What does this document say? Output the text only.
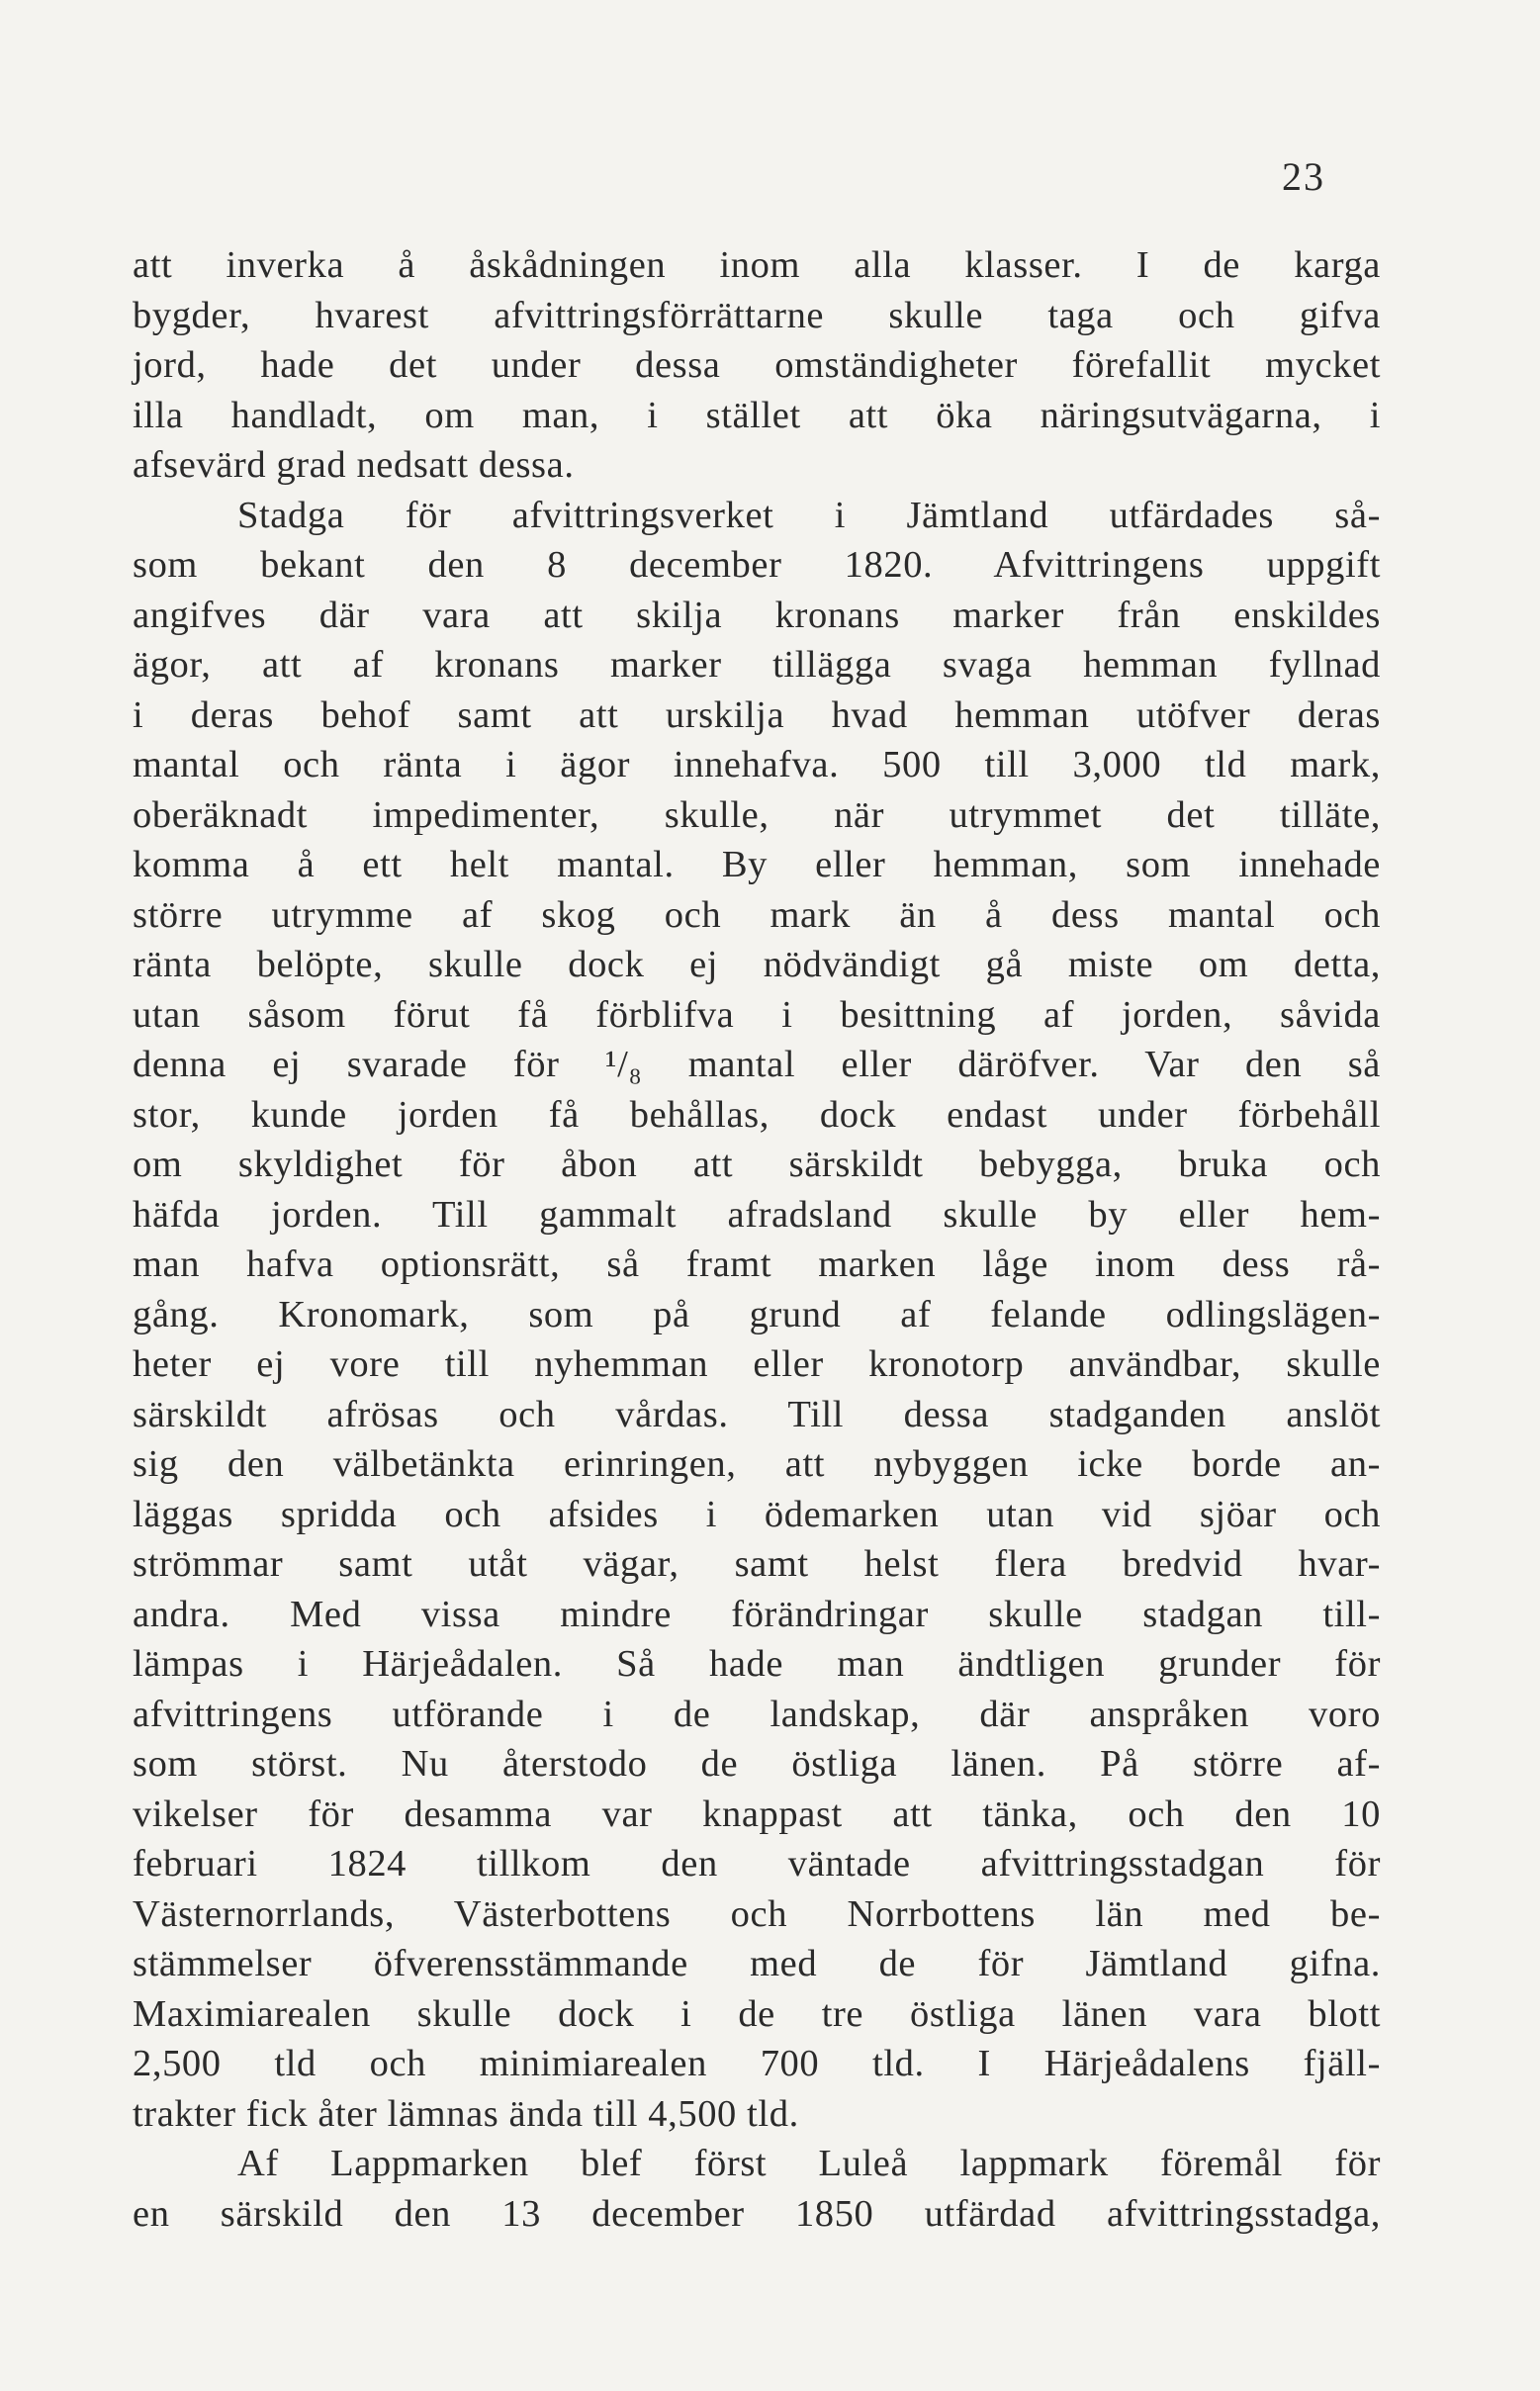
23
att inverka å åskådningen inom alla klasser. I de karga
bygder, hvarest afvittringsförrättarne skulle taga och gifva
jord, hade det under dessa omständigheter förefallit mycket
illa handladt, om man, i stället att öka näringsutvägarna, i
afsevärd grad nedsatt dessa.
Stadga för afvittringsverket i Jämtland utfärdades så-
som bekant den 8 december 1820. Afvittringens uppgift
angifves där vara att skilja kronans marker från enskildes
ägor, att af kronans marker tillägga svaga hemman fyllnad
i deras behof samt att urskilja hvad hemman utöfver deras
mantal och ränta i ägor innehafva. 500 till 3,000 tld mark,
oberäknadt impedimenter, skulle, när utrymmet det tilläte,
komma å ett helt mantal. By eller hemman, som innehade
större utrymme af skog och mark än å dess mantal och
ränta belöpte, skulle dock ej nödvändigt gå miste om detta,
utan såsom förut få förblifva i besittning af jorden, såvida
denna ej svarade för ¹/₈ mantal eller däröfver. Var den så
stor, kunde jorden få behållas, dock endast under förbehåll
om skyldighet för åbon att särskildt bebygga, bruka och
häfda jorden. Till gammalt afradsland skulle by eller hem-
man hafva optionsrätt, så framt marken låge inom dess rå-
gång. Kronomark, som på grund af felande odlingslägen-
heter ej vore till nyhemman eller kronotorp användbar, skulle
särskildt afrösas och vårdas. Till dessa stadganden anslöt
sig den välbetänkta erinringen, att nybyggen icke borde an-
läggas spridda och afsides i ödemarken utan vid sjöar och
strömmar samt utåt vägar, samt helst flera bredvid hvar-
andra. Med vissa mindre förändringar skulle stadgan till-
lämpas i Härjeådalen. Så hade man ändtligen grunder för
afvittringens utförande i de landskap, där anspråken voro
som störst. Nu återstodo de östliga länen. På större af-
vikelser för desamma var knappast att tänka, och den 10
februari 1824 tillkom den väntade afvittringsstadgan för
Västernorrlands, Västerbottens och Norrbottens län med be-
stämmelser öfverensstämmande med de för Jämtland gifna.
Maximiarealen skulle dock i de tre östliga länen vara blott
2,500 tld och minimiarealen 700 tld. I Härjeådalens fjäll-
trakter fick åter lämnas ända till 4,500 tld.
Af Lappmarken blef först Luleå lappmark föremål för
en särskild den 13 december 1850 utfärdad afvittringsstadga,
